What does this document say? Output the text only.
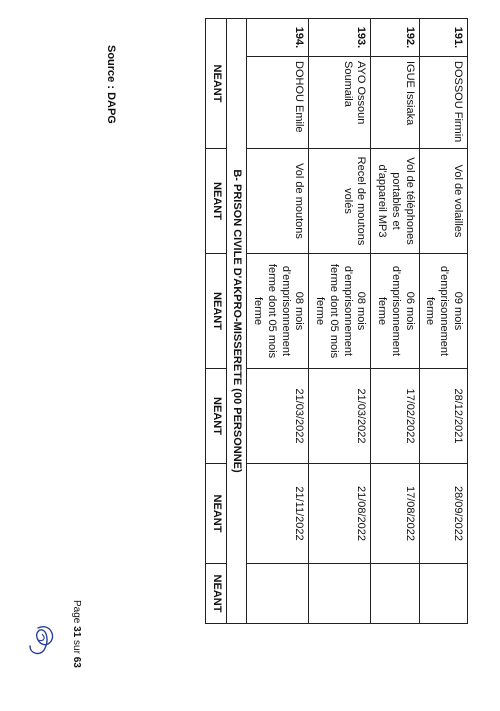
191.	DOSSOU Firmin	Vol de volailles	09 mois d'emprisonnement ferme	28/12/2021	28/09/2022	
192.	IGUE Issiaka	Vol de téléphones portables et d'appareil MP3	06 mois d'emprisonnement ferme	17/02/2022	17/08/2022	
193.	AYO Ossoun Soumaila	Recel de moutons volés	08 mois d'emprisonnement ferme dont 05 mois ferme	21/03/2022	21/08/2022	
194.	DOHOU Emile	Vol de moutons	08 mois d'emprisonnement ferme dont 05 mois ferme	21/03/2022	21/11/2022	
B- PRISON CIVILE D'AKPRO-MISSERETE (00 PERSONNE)						
NEANT		NEANT	NEANT	NEANT	NEANT	NEANT
Source : DAPG
Page 31 sur 63
